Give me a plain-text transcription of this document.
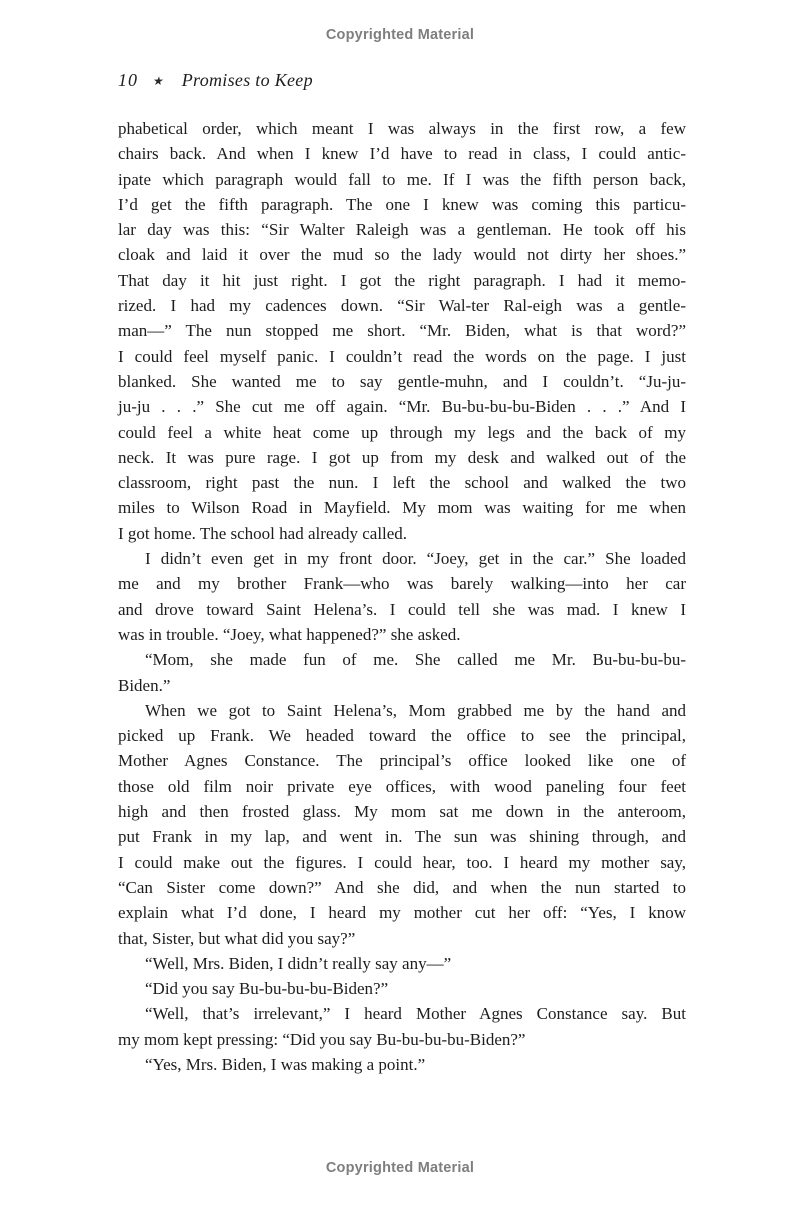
Copyrighted Material
10 ★ Promises to Keep
phabetical order, which meant I was always in the first row, a few
chairs back. And when I knew I’d have to read in class, I could antic-
ipate which paragraph would fall to me. If I was the fifth person back,
I’d get the fifth paragraph. The one I knew was coming this particu-
lar day was this: “Sir Walter Raleigh was a gentleman. He took off his
cloak and laid it over the mud so the lady would not dirty her shoes.”
That day it hit just right. I got the right paragraph. I had it memo-
rized. I had my cadences down. “Sir Wal-ter Ral-eigh was a gentle-
man—” The nun stopped me short. “Mr. Biden, what is that word?”
I could feel myself panic. I couldn’t read the words on the page. I just
blanked. She wanted me to say gentle-muhn, and I couldn’t. “Ju-ju-
ju-ju . . .” She cut me off again. “Mr. Bu-bu-bu-bu-Biden . . .” And I
could feel a white heat come up through my legs and the back of my
neck. It was pure rage. I got up from my desk and walked out of the
classroom, right past the nun. I left the school and walked the two
miles to Wilson Road in Mayfield. My mom was waiting for me when
I got home. The school had already called.
I didn’t even get in my front door. “Joey, get in the car.” She loaded
me and my brother Frank—who was barely walking—into her car
and drove toward Saint Helena’s. I could tell she was mad. I knew I
was in trouble. “Joey, what happened?” she asked.
“Mom, she made fun of me. She called me Mr. Bu-bu-bu-bu-
Biden.”
When we got to Saint Helena’s, Mom grabbed me by the hand and
picked up Frank. We headed toward the office to see the principal,
Mother Agnes Constance. The principal’s office looked like one of
those old film noir private eye offices, with wood paneling four feet
high and then frosted glass. My mom sat me down in the anteroom,
put Frank in my lap, and went in. The sun was shining through, and
I could make out the figures. I could hear, too. I heard my mother say,
“Can Sister come down?” And she did, and when the nun started to
explain what I’d done, I heard my mother cut her off: “Yes, I know
that, Sister, but what did you say?”
“Well, Mrs. Biden, I didn’t really say any—”
“Did you say Bu-bu-bu-bu-Biden?”
“Well, that’s irrelevant,” I heard Mother Agnes Constance say. But
my mom kept pressing: “Did you say Bu-bu-bu-bu-Biden?”
“Yes, Mrs. Biden, I was making a point.”
Copyrighted Material
